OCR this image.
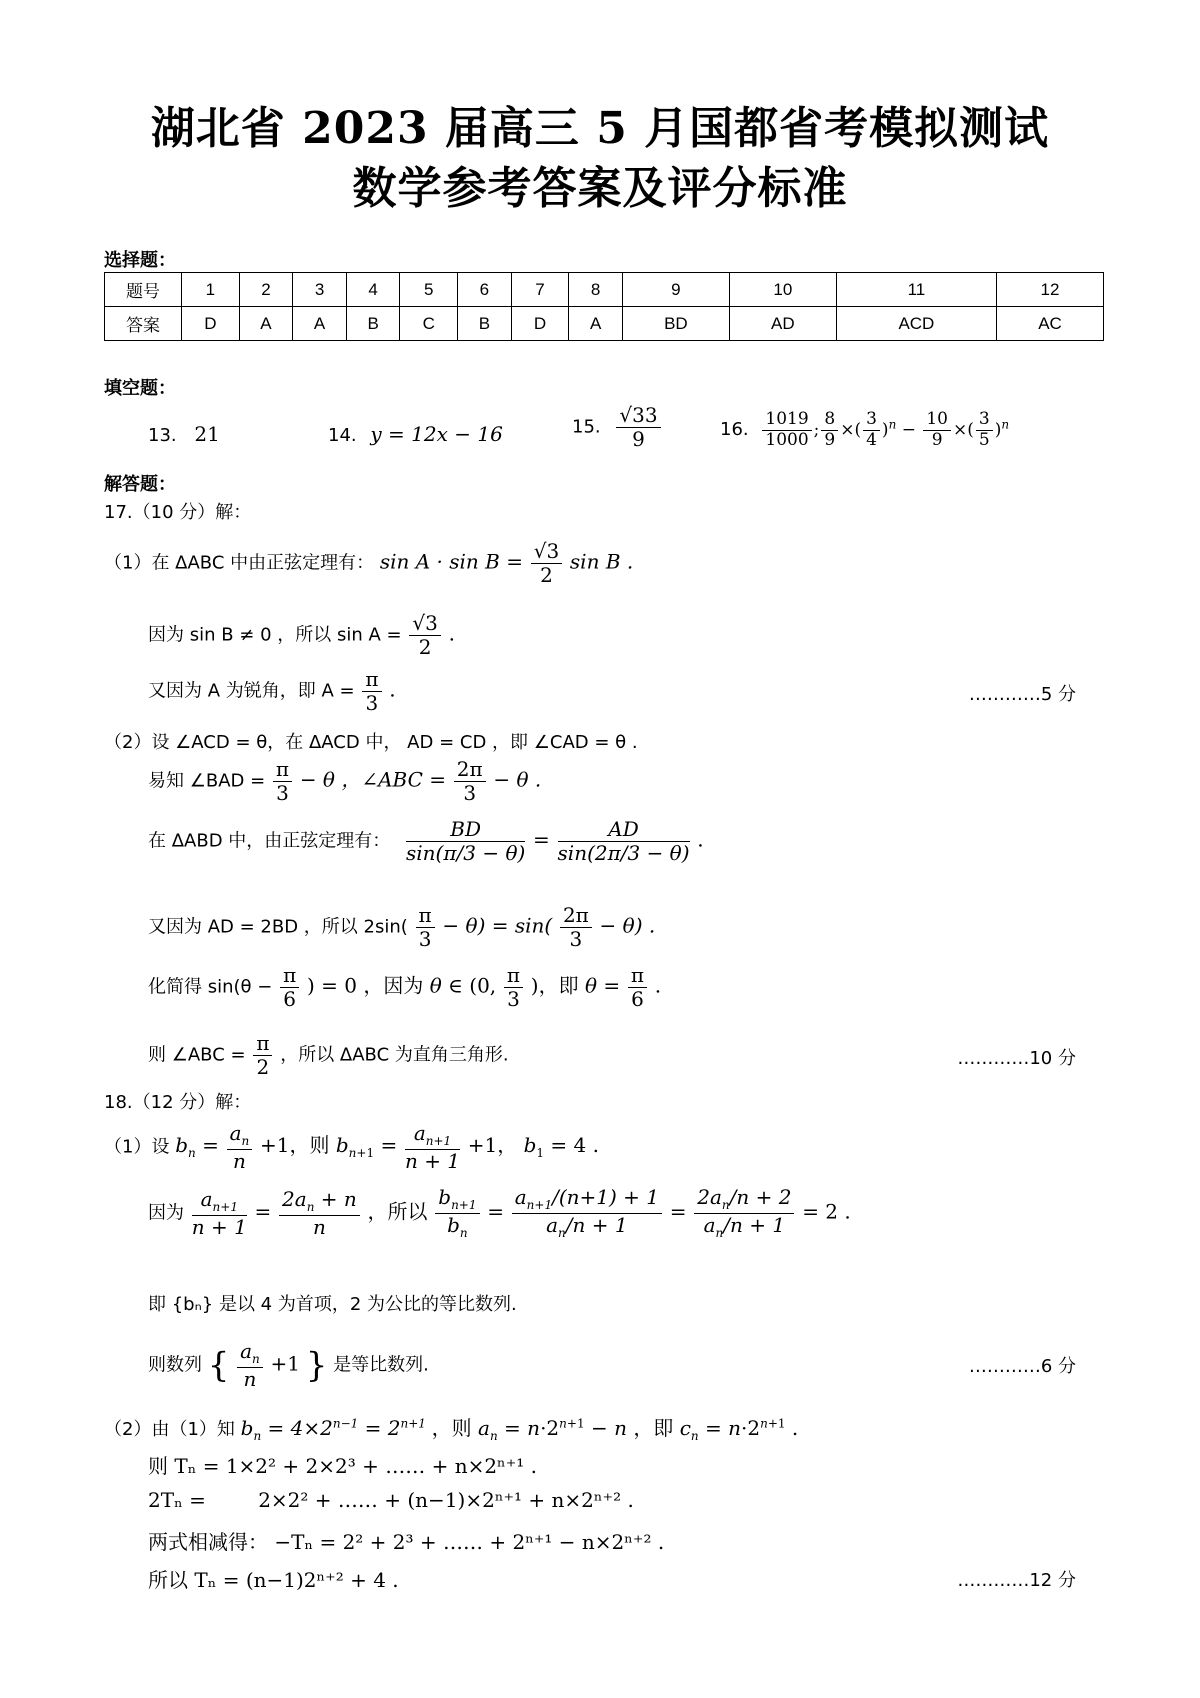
湖北省 2023 届高三 5 月国都省考模拟测试
数学参考答案及评分标准
选择题：
题号	1	2	3	4	5	6	7	8	9	10	11	12
答案	D	A	A	B	C	B	D	A	BD	AD	ACD	AC
填空题：
13. 21	14. y = 12x − 16	15. $\frac{√33}{9}$	16. $\frac{1019}{1000}$ ; $\frac{8}{9}$ ×( $\frac{3}{4} )^n - \frac{10}{9}$ ×( $\frac{3}{5} )^n$
解答题：
17.（10 分）解：
（1）在 ΔABC 中由正弦定理有： $\sin A \cdot \sin B = \frac{√3}{2}$ sin B .
因为 sin B ≠ 0 ，所以 $\sin A = \frac{√3}{2}$ .
又因为 A 为锐角，即 $A = \frac{\pi}{3}$ .	…………5 分
（2）设 ∠ACD = θ，在 ΔACD 中， AD = CD ，即 ∠CAD = θ .
易知 ∠BAD = $\frac{\pi}{3} - \theta$ ，∠ABC = $\frac{2\pi}{3} - \theta$ .
在 ΔABD 中，由正弦定理有： $\frac{BD}{\sin(\pi/3 - \theta)} = \frac{AD}{\sin(2\pi/3 - \theta)}$ .
又因为 AD = 2BD ，所以 $2\sin( \frac{\pi}{3} - \theta) = \sin( \frac{2\pi}{3} - \theta)$ .
化简得 $\sin(\theta - \frac{\pi}{6}$ ) = 0 ，因为 θ ∈ (0, $\frac{\pi}{3}$ )，即 $\theta = \frac{\pi}{6}$ .
则 ∠ABC = $\frac{\pi}{2}$ ，所以 ΔABC 为直角三角形.	…………10 分
18.（12 分）解：
（1）设 $b_n = \frac{a_n}{n} +1$，则 $b_{n+1} = \frac{a_{n+1}}{n + 1} +1$， $b_1 = 4$ .
因为 $\frac{a_{n+1}}{n + 1} = \frac{2a_n + n}{n}$ ，所以 $\frac{b_{n+1}}{b_n} = \frac{a_{n+1}/(n+1) + 1}{a_n/n + 1} = \frac{2a_n/n + 2}{a_n/n + 1} = 2$ .
即 {bₙ} 是以 4 为首项，2 为公比的等比数列.
则数列 { $\frac{a_n}{n} +1$ } 是等比数列.	…………6 分
（2）由（1）知 $b_n = 4\times 2^{n-1} = 2^{n+1}$ ，则 $a_n = n\cdot 2^{n+1} - n$ ，即 $c_n = n\cdot 2^{n+1}$ .
则 Tₙ = 1×2² + 2×2³ + …… + n×2ⁿ⁺¹ .
2Tₙ =	2×2² + …… + (n−1)×2ⁿ⁺¹ + n×2ⁿ⁺² .
两式相减得： −Tₙ = 2² + 2³ + …… + 2ⁿ⁺¹ − n×2ⁿ⁺² .
所以 Tₙ = (n−1)2ⁿ⁺² + 4 .	…………12 分
